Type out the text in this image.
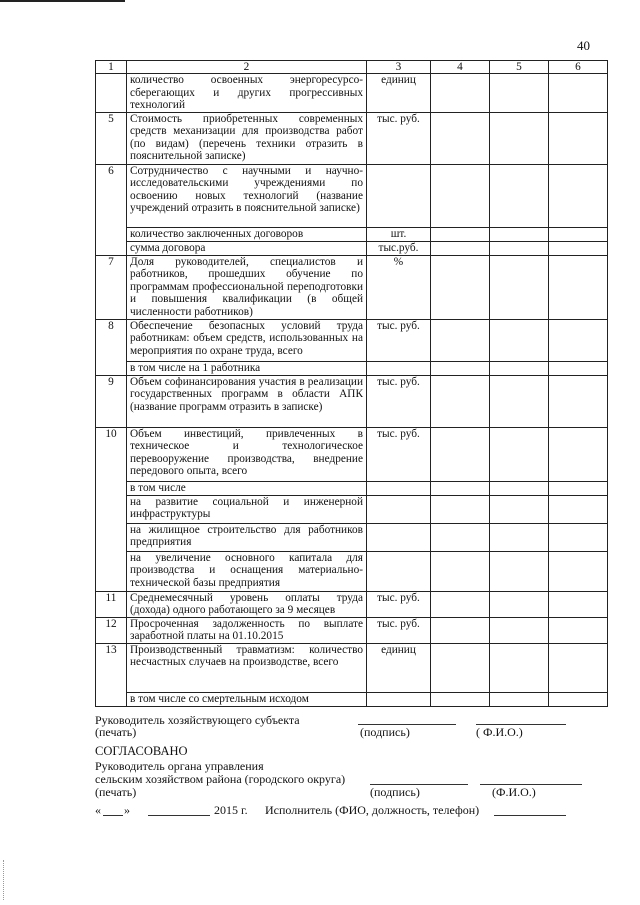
40
1	2	3	4	5	6
	количество освоенных энергоресурсо-сберегающих и других прогрессивных технологий	единиц			
5	Стоимость приобретенных современных средств механизации для производства работ (по видам) (перечень техники отразить в пояснительной записке)	тыс. руб.			
6	Сотрудничество с научными и научно-исследовательскими учреждениями по освоению новых технологий (название учреждений отразить в пояснительной записке)				
	количество заключенных договоров	шт.			
	сумма договора	тыс.руб.			
7	Доля руководителей, специалистов и работников, прошедших обучение по программам профессиональной переподготовки и повышения квалификации (в общей численности работников)	%			
8	Обеспечение безопасных условий труда работникам: объем средств, использованных на мероприятия по охране труда, всего	тыс. руб.			
	в том числе на 1 работника				
9	Объем софинансирования участия в реализации государственных программ в области АПК (название программ отразить в записке)	тыс. руб.			
10	Объем инвестиций, привлеченных в техническое и технологическое перевооружение производства, внедрение передового опыта, всего	тыс. руб.			
	в том числе				
	на развитие социальной и инженерной инфраструктуры				
	на жилищное строительство для работников предприятия				
	на увеличение основного капитала для производства и оснащения материально-технической базы предприятия				
11	Среднемесячный уровень оплаты труда (дохода) одного работающего за 9 месяцев	тыс. руб.			
12	Просроченная задолженность по выплате заработной платы на 01.10.2015	тыс. руб.			
13	Производственный травматизм: количество несчастных случаев на производстве, всего	единиц			
	в том числе со смертельным исходом				
Руководитель хозяйствующего субъекта
(печать)	(подпись)	( Ф.И.О.)
СОГЛАСОВАНО
Руководитель органа управления
сельским хозяйством района (городского округа)
(печать)	(подпись)	(Ф.И.О.)
« »	2015 г. Исполнитель (ФИО, должность, телефон)
